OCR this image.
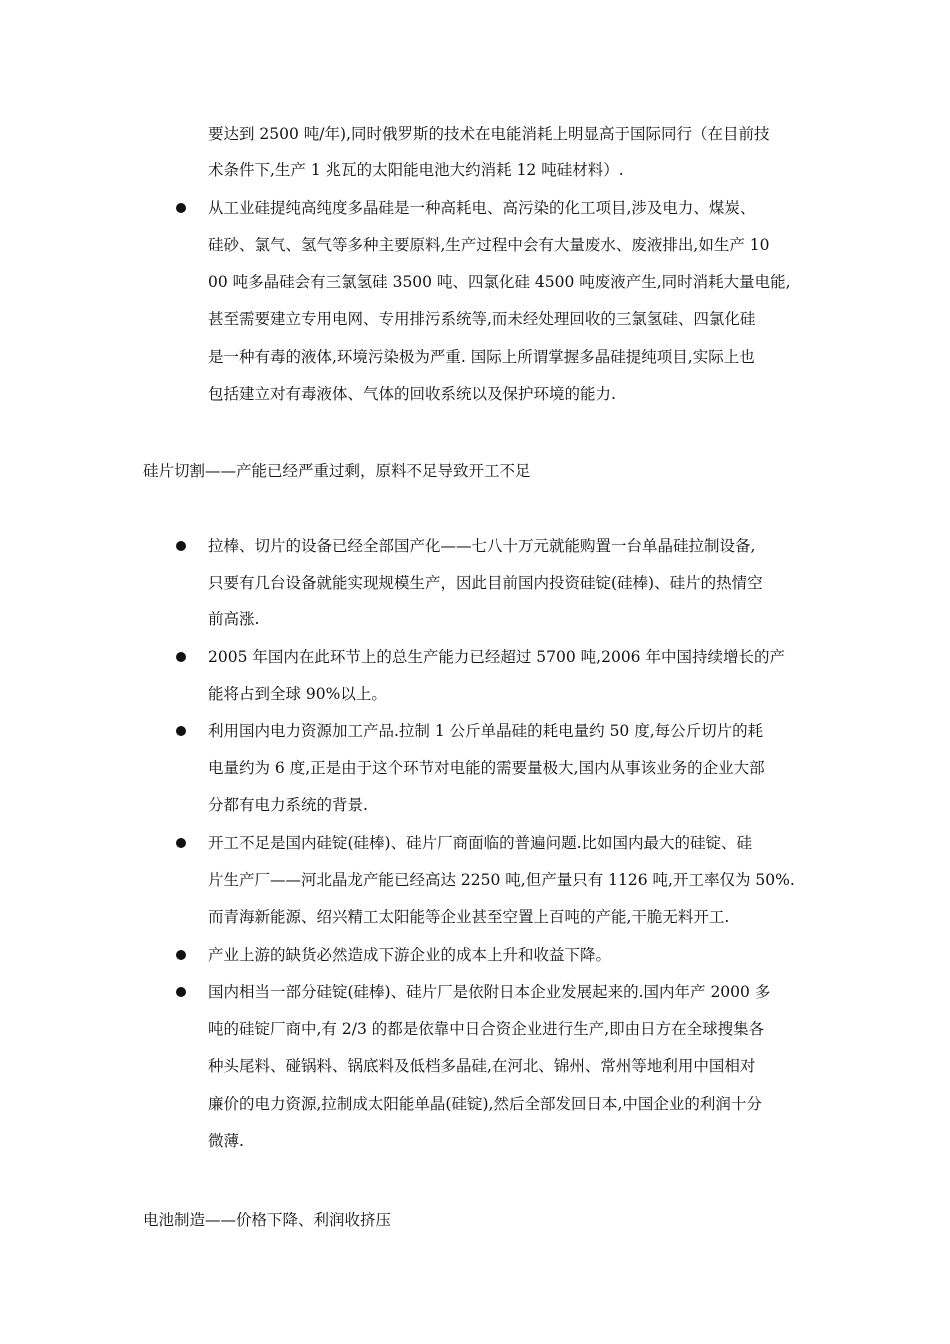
要达到 2500 吨/年),同时俄罗斯的技术在电能消耗上明显高于国际同行（在目前技
术条件下,生产 1 兆瓦的太阳能电池大约消耗 12 吨硅材料）.
从工业硅提纯高纯度多晶硅是一种高耗电、高污染的化工项目,涉及电力、煤炭、
硅砂、氯气、氢气等多种主要原料,生产过程中会有大量废水、废液排出,如生产 10
00 吨多晶硅会有三氯氢硅 3500 吨、四氯化硅 4500 吨废液产生,同时消耗大量电能,
甚至需要建立专用电网、专用排污系统等,而未经处理回收的三氯氢硅、四氯化硅
是一种有毒的液体,环境污染极为严重. 国际上所谓掌握多晶硅提纯项目,实际上也
包括建立对有毒液体、气体的回收系统以及保护环境的能力.
硅片切割——产能已经严重过剩，原料不足导致开工不足
拉棒、切片的设备已经全部国产化——七八十万元就能购置一台单晶硅拉制设备,
只要有几台设备就能实现规模生产，因此目前国内投资硅锭(硅棒)、硅片的热情空
前高涨.
2005 年国内在此环节上的总生产能力已经超过 5700 吨,2006 年中国持续增长的产
能将占到全球 90%以上。
利用国内电力资源加工产品.拉制 1 公斤单晶硅的耗电量约 50 度,每公斤切片的耗
电量约为 6 度,正是由于这个环节对电能的需要量极大,国内从事该业务的企业大部
分都有电力系统的背景.
开工不足是国内硅锭(硅棒)、硅片厂商面临的普遍问题.比如国内最大的硅锭、硅
片生产厂——河北晶龙产能已经高达 2250 吨,但产量只有 1126 吨,开工率仅为 50%.
而青海新能源、绍兴精工太阳能等企业甚至空置上百吨的产能,干脆无料开工.
产业上游的缺货必然造成下游企业的成本上升和收益下降。
国内相当一部分硅锭(硅棒)、硅片厂是依附日本企业发展起来的.国内年产 2000 多
吨的硅锭厂商中,有 2/3 的都是依靠中日合资企业进行生产,即由日方在全球搜集各
种头尾料、碰锅料、锅底料及低档多晶硅,在河北、锦州、常州等地利用中国相对
廉价的电力资源,拉制成太阳能单晶(硅锭),然后全部发回日本,中国企业的利润十分
微薄.
电池制造——价格下降、利润收挤压
